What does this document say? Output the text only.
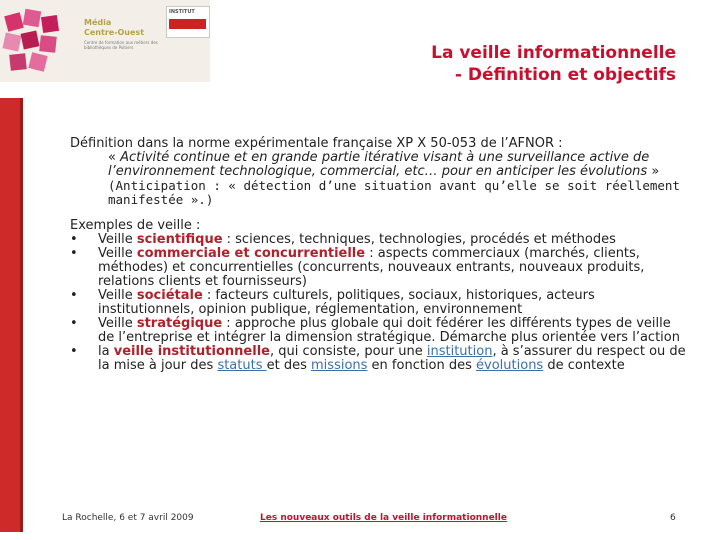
Média
Centre-Ouest
Centre de formation aux métiers des bibliothèques de Poitiers
INSTITUT
La veille informationnelle
- Définition et objectifs

Définition dans la norme expérimentale française XP X 50-053 de l’AFNOR :

« Activité continue et en grande partie itérative visant à une surveillance active de l’environnement technologique, commercial, etc… pour en anticiper les évolutions »

(Anticipation : « détection d’une situation avant qu’elle se soit réellement manifestée ».)

Exemples de veille :

• Veille scientifique : sciences, techniques, technologies, procédés et méthodes
• Veille commerciale et concurrentielle : aspects commerciaux (marchés, clients, méthodes) et concurrentielles (concurrents, nouveaux entrants, nouveaux produits, relations clients et fournisseurs)
• Veille sociétale : facteurs culturels, politiques, sociaux, historiques, acteurs institutionnels, opinion publique, réglementation, environnement
• Veille stratégique : approche plus globale qui doit fédérer les différents types de veille de l’entreprise et intégrer la dimension stratégique. Démarche plus orientée vers l’action
• la veille institutionnelle, qui consiste, pour une institution, à s’assurer du respect ou de la mise à jour des statuts et des missions en fonction des évolutions de contexte
La Rochelle, 6 et 7 avril 2009	Les nouveaux outils de la veille informationnelle	6
